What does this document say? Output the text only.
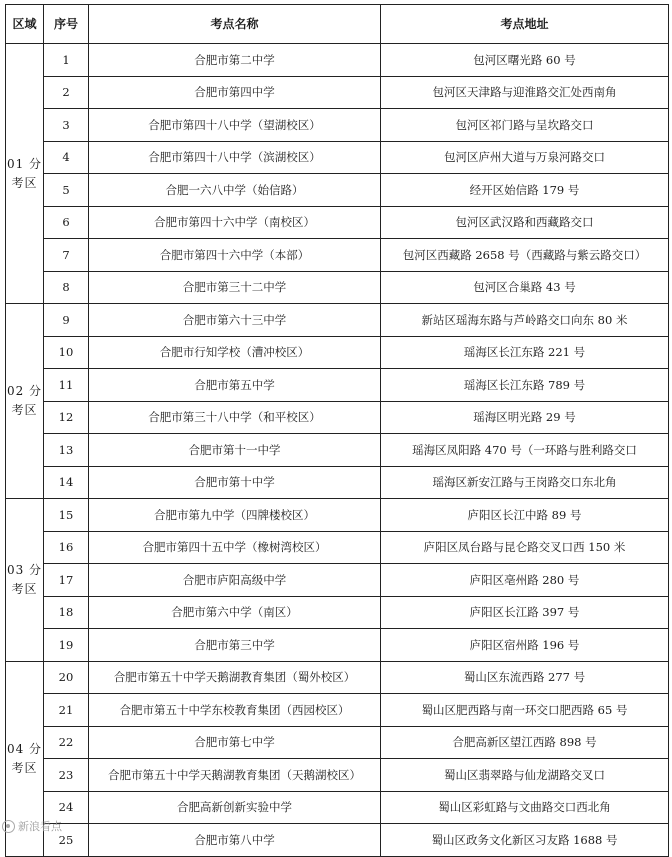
区域	序号	考点名称	考点地址

01 分
考区	1	合肥市第二中学	包河区曙光路 60 号
	2	合肥市第四中学	包河区天津路与迎淮路交汇处西南角
	3	合肥市第四十八中学（望湖校区）	包河区祁门路与呈坎路交口
	4	合肥市第四十八中学（滨湖校区）	包河区庐州大道与万泉河路交口
	5	合肥一六八中学（始信路）	经开区始信路 179 号
	6	合肥市第四十六中学（南校区）	包河区武汉路和西藏路交口
	7	合肥市第四十六中学（本部）	包河区西藏路 2658 号（西藏路与紫云路交口）
	8	合肥市第三十二中学	包河区合巢路 43 号

02 分
考区	9	合肥市第六十三中学	新站区瑶海东路与芦岭路交口向东 80 米
	10	合肥市行知学校（漕冲校区）	瑶海区长江东路 221 号
	11	合肥市第五中学	瑶海区长江东路 789 号
	12	合肥市第三十八中学（和平校区）	瑶海区明光路 29 号
	13	合肥市第十一中学	瑶海区凤阳路 470 号（一环路与胜利路交口
	14	合肥市第十中学	瑶海区新安江路与王岗路交口东北角

03 分
考区	15	合肥市第九中学（四牌楼校区）	庐阳区长江中路 89 号
	16	合肥市第四十五中学（橡树湾校区）	庐阳区凤台路与昆仑路交叉口西 150 米
	17	合肥市庐阳高级中学	庐阳区亳州路 280 号
	18	合肥市第六中学（南区）	庐阳区长江路 397 号
	19	合肥市第三中学	庐阳区宿州路 196 号

04 分
考区	20	合肥市第五十中学天鹅湖教育集团（蜀外校区）	蜀山区东流西路 277 号
	21	合肥市第五十中学东校教育集团（西园校区）	蜀山区肥西路与南一环交口肥西路 65 号
	22	合肥市第七中学	合肥高新区望江西路 898 号
	23	合肥市第五十中学天鹅湖教育集团（天鹅湖校区）	蜀山区翡翠路与仙龙湖路交叉口
	24	合肥高新创新实验中学	蜀山区彩虹路与文曲路交口西北角
	25	合肥市第八中学	蜀山区政务文化新区习友路 1688 号
新浪看点
